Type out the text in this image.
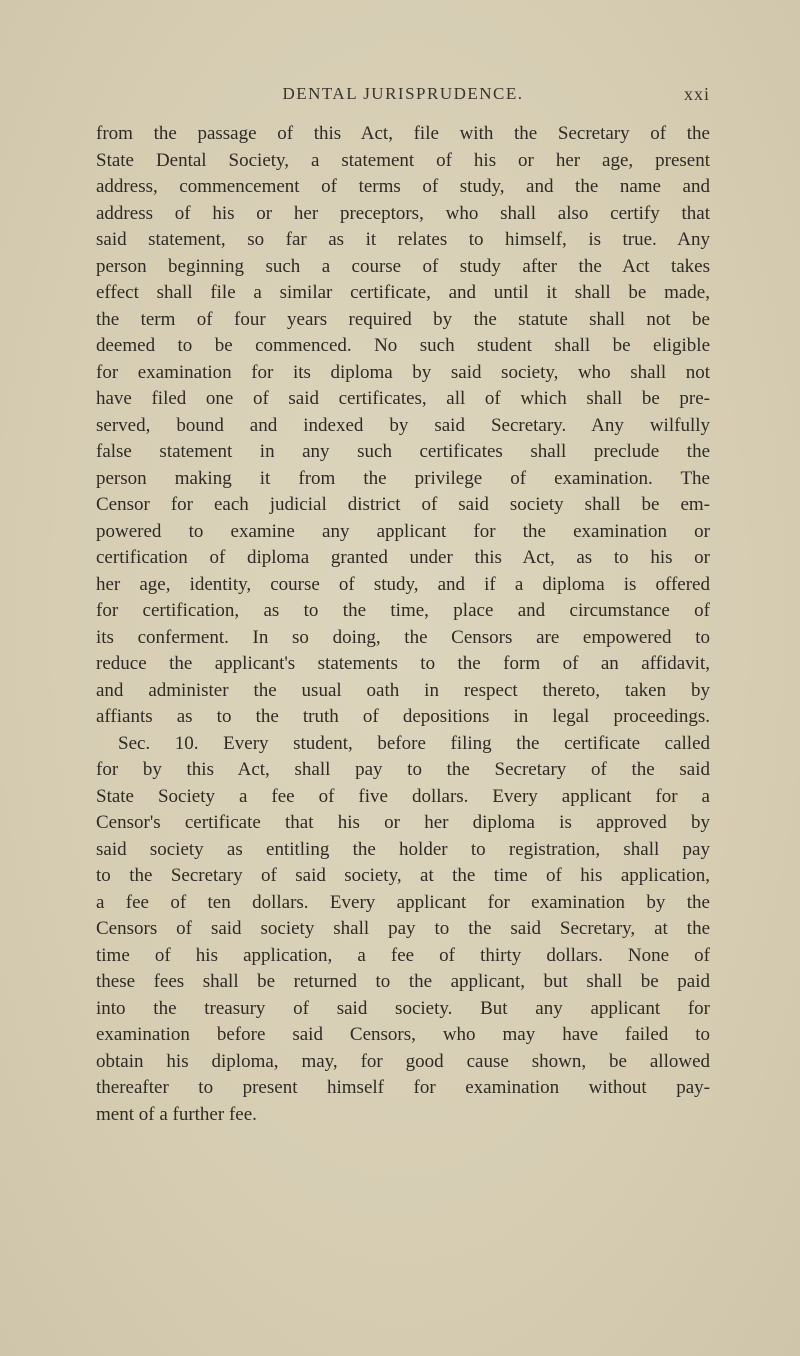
DENTAL JURISPRUDENCE.	xxi
from the passage of this Act, file with the Secretary of the
State Dental Society, a statement of his or her age, present
address, commencement of terms of study, and the name and
address of his or her preceptors, who shall also certify that
said statement, so far as it relates to himself, is true. Any
person beginning such a course of study after the Act takes
effect shall file a similar certificate, and until it shall be made,
the term of four years required by the statute shall not be
deemed to be commenced. No such student shall be eligible
for examination for its diploma by said society, who shall not
have filed one of said certificates, all of which shall be pre-
served, bound and indexed by said Secretary. Any wilfully
false statement in any such certificates shall preclude the
person making it from the privilege of examination. The
Censor for each judicial district of said society shall be em-
powered to examine any applicant for the examination or
certification of diploma granted under this Act, as to his or
her age, identity, course of study, and if a diploma is offered
for certification, as to the time, place and circumstance of
its conferment. In so doing, the Censors are empowered to
reduce the applicant's statements to the form of an affidavit,
and administer the usual oath in respect thereto, taken by
affiants as to the truth of depositions in legal proceedings.
Sec. 10. Every student, before filing the certificate called
for by this Act, shall pay to the Secretary of the said
State Society a fee of five dollars. Every applicant for a
Censor's certificate that his or her diploma is approved by
said society as entitling the holder to registration, shall pay
to the Secretary of said society, at the time of his application,
a fee of ten dollars. Every applicant for examination by the
Censors of said society shall pay to the said Secretary, at the
time of his application, a fee of thirty dollars. None of
these fees shall be returned to the applicant, but shall be paid
into the treasury of said society. But any applicant for
examination before said Censors, who may have failed to
obtain his diploma, may, for good cause shown, be allowed
thereafter to present himself for examination without pay-
ment of a further fee.
